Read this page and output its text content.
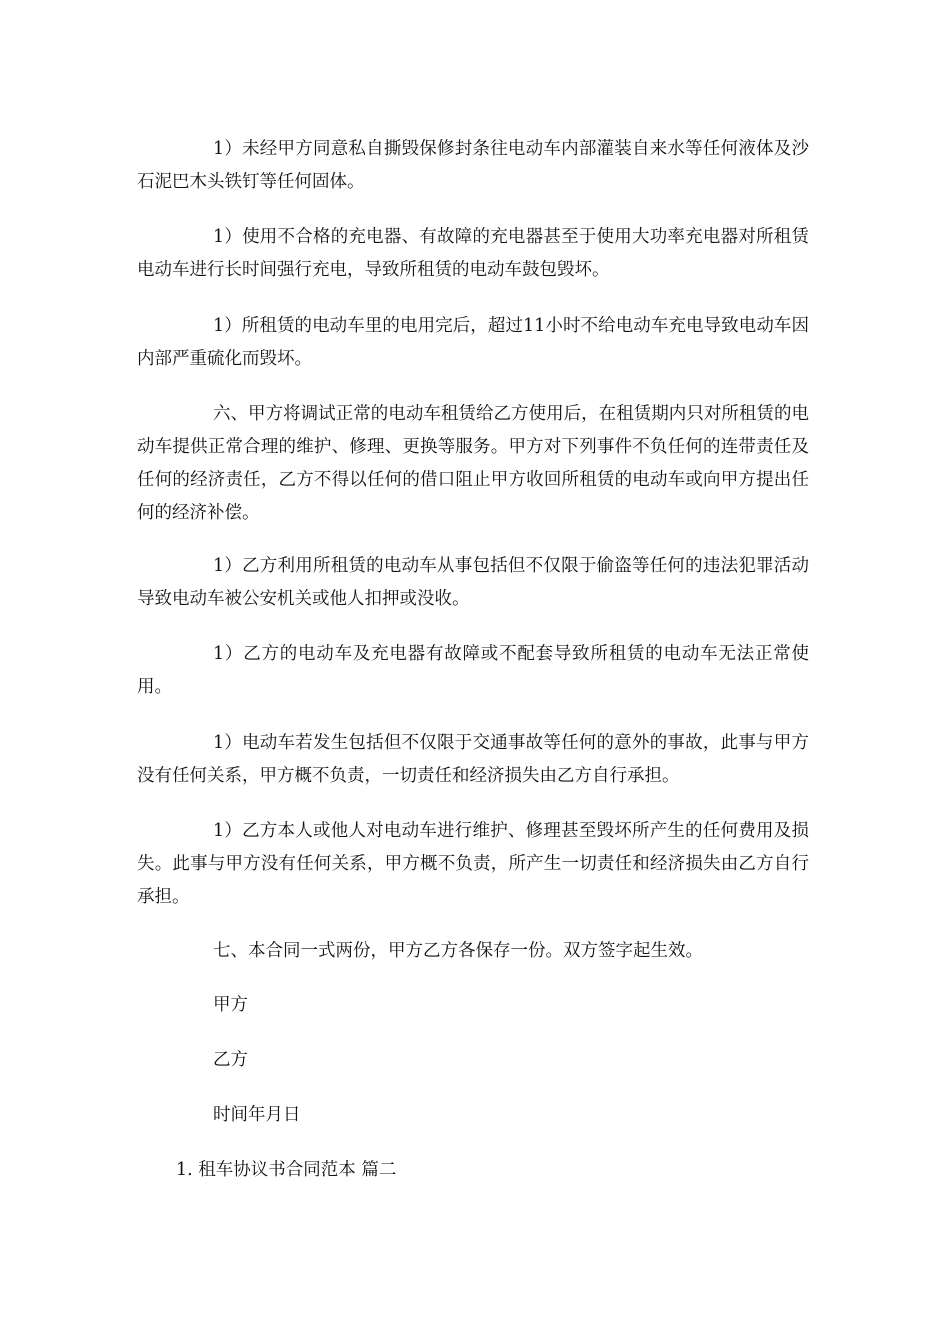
1）未经甲方同意私自撕毁保修封条往电动车内部灌装自来水等任何液体及沙石泥巴木头铁钉等任何固体。

1）使用不合格的充电器、有故障的充电器甚至于使用大功率充电器对所租赁电动车进行长时间强行充电，导致所租赁的电动车鼓包毁坏。

1）所租赁的电动车里的电用完后，超过11小时不给电动车充电导致电动车因内部严重硫化而毁坏。

六、甲方将调试正常的电动车租赁给乙方使用后，在租赁期内只对所租赁的电动车提供正常合理的维护、修理、更换等服务。甲方对下列事件不负任何的连带责任及任何的经济责任，乙方不得以任何的借口阻止甲方收回所租赁的电动车或向甲方提出任何的经济补偿。

1）乙方利用所租赁的电动车从事包括但不仅限于偷盗等任何的违法犯罪活动导致电动车被公安机关或他人扣押或没收。

1）乙方的电动车及充电器有故障或不配套导致所租赁的电动车无法正常使用。

1）电动车若发生包括但不仅限于交通事故等任何的意外的事故，此事与甲方没有任何关系，甲方概不负责，一切责任和经济损失由乙方自行承担。

1）乙方本人或他人对电动车进行维护、修理甚至毁坏所产生的任何费用及损失。此事与甲方没有任何关系，甲方概不负责，所产生一切责任和经济损失由乙方自行承担。

七、本合同一式两份，甲方乙方各保存一份。双方签字起生效。

甲方

乙方

时间年月日

1. 租车协议书合同范本 篇二
